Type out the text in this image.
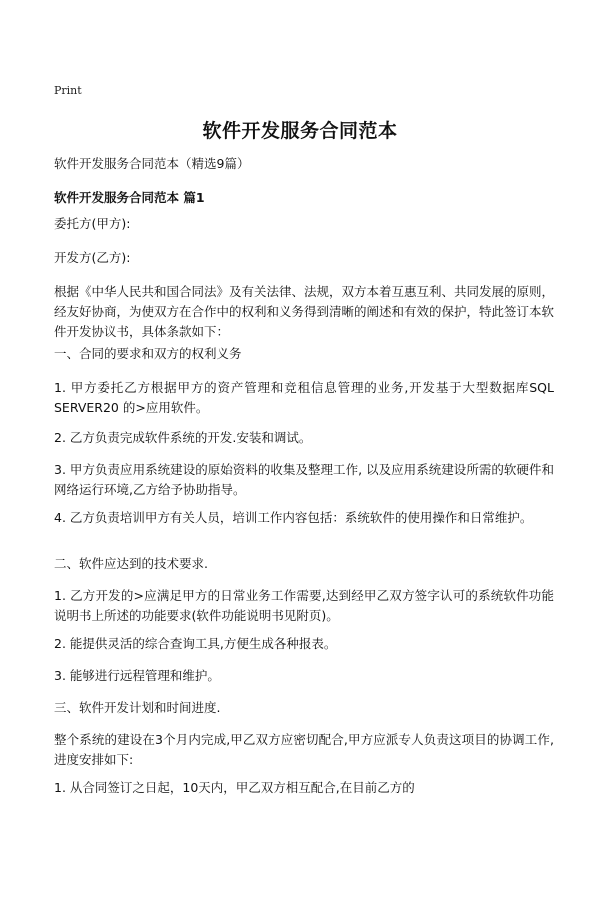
Print
软件开发服务合同范本
软件开发服务合同范本（精选9篇）
软件开发服务合同范本 篇1

委托方(甲方):

开发方(乙方):

根据《中华人民共和国合同法》及有关法律、法规，双方本着互惠互利、共同发展的原则，经友好协商，为使双方在合作中的权利和义务得到清晰的阐述和有效的保护，特此签订本软件开发协议书，具体条款如下：

一、合同的要求和双方的权利义务

1. 甲方委托乙方根据甲方的资产管理和竞租信息管理的业务,开发基于大型数据库SQL SERVER20 的>应用软件。

2. 乙方负责完成软件系统的开发.安装和调试。

3. 甲方负责应用系统建设的原始资料的收集及整理工作, 以及应用系统建设所需的软硬件和网络运行环境,乙方给予协助指导。

4. 乙方负责培训甲方有关人员，培训工作内容包括：系统软件的使用操作和日常维护。

二、软件应达到的技术要求.

1. 乙方开发的>应满足甲方的日常业务工作需要,达到经甲乙双方签字认可的系统软件功能说明书上所述的功能要求(软件功能说明书见附页)。

2. 能提供灵活的综合查询工具,方便生成各种报表。

3. 能够进行远程管理和维护。

三、软件开发计划和时间进度.

整个系统的建设在3个月内完成,甲乙双方应密切配合,甲方应派专人负责这项目的协调工作,进度安排如下:

1. 从合同签订之日起，10天内，甲乙双方相互配合,在目前乙方的
